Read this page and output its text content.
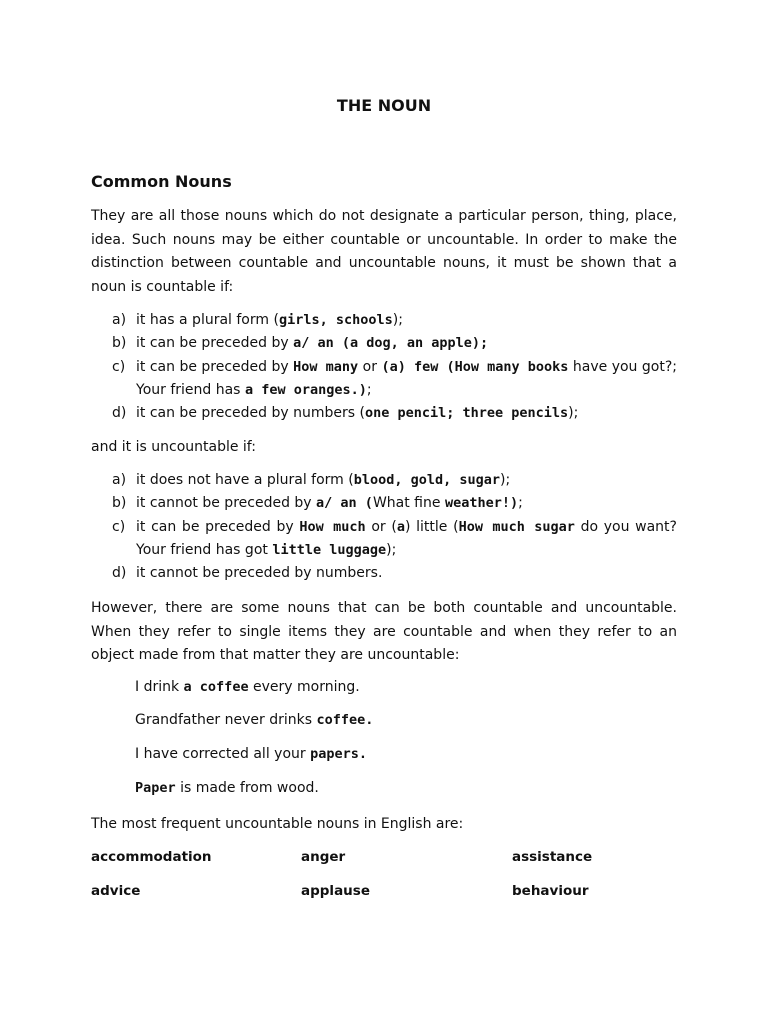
THE NOUN
Common Nouns
They are all those nouns which do not designate a particular person, thing, place, idea. Such nouns may be either countable or uncountable. In order to make the distinction between countable and uncountable nouns, it must be shown that a noun is countable if:
a) it has a plural form (girls, schools);
b) it can be preceded by a/ an (a dog, an apple);
c) it can be preceded by How many or (a) few (How many books have you got?; Your friend has a few oranges.);
d) it can be preceded by numbers (one pencil; three pencils);
and it is uncountable if:
a) it does not have a plural form (blood, gold, sugar);
b) it cannot be preceded by a/ an (What fine weather!);
c) it can be preceded by How much or (a) little (How much sugar do you want? Your friend has got little luggage);
d) it cannot be preceded by numbers.
However, there are some nouns that can be both countable and uncountable. When they refer to single items they are countable and when they refer to an object made from that matter they are uncountable:
I drink a coffee every morning.
Grandfather never drinks coffee.
I have corrected all your papers.
Paper is made from wood.
The most frequent uncountable nouns in English are:
accommodation	anger	assistance
advice	applause	behaviour
